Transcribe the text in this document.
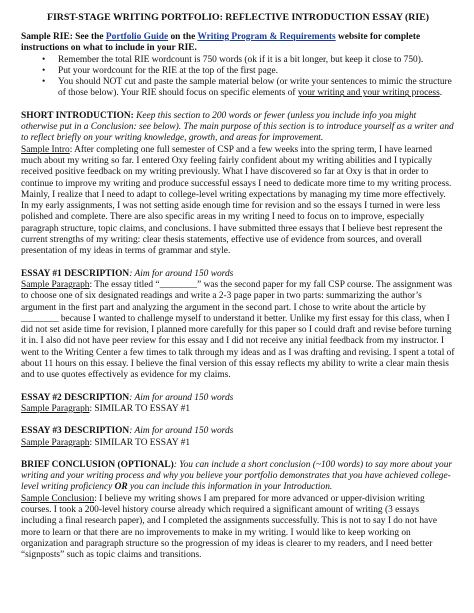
FIRST-STAGE WRITING PORTFOLIO: REFLECTIVE INTRODUCTION ESSAY (RIE)

Sample RIE: See the Portfolio Guide on the Writing Program & Requirements website for complete instructions on what to include in your RIE.

• Remember the total RIE wordcount is 750 words (ok if it is a bit longer, but keep it close to 750).
• Put your wordcount for the RIE at the top of the first page.
• You should NOT cut and paste the sample material below (or write your sentences to mimic the structure of those below). Your RIE should focus on specific elements of your writing and your writing process.

SHORT INTRODUCTION: Keep this section to 200 words or fewer (unless you include info you might otherwise put in a Conclusion: see below). The main purpose of this section is to introduce yourself as a writer and to reflect briefly on your writing knowledge, growth, and areas for improvement.

Sample Intro: After completing one full semester of CSP and a few weeks into the spring term, I have learned much about my writing so far. I entered Oxy feeling fairly confident about my writing abilities and I typically received positive feedback on my writing previously. What I have discovered so far at Oxy is that in order to continue to improve my writing and produce successful essays I need to dedicate more time to my writing process. Mainly, I realize that I need to adapt to college-level writing expectations by managing my time more effectively. In my early assignments, I was not setting aside enough time for revision and so the essays I turned in were less polished and complete. There are also specific areas in my writing I need to focus on to improve, especially paragraph structure, topic claims, and conclusions. I have submitted three essays that I believe best represent the current strengths of my writing: clear thesis statements, effective use of evidence from sources, and overall presentation of my ideas in terms of grammar and style.

ESSAY #1 DESCRIPTION: Aim for around 150 words

Sample Paragraph: The essay titled “________” was the second paper for my fall CSP course. The assignment was to choose one of six designated readings and write a 2-3 page paper in two parts: summarizing the author’s argument in the first part and analyzing the argument in the second part. I chose to write about the article by ________ because I wanted to challenge myself to understand it better. Unlike my first essay for this class, when I did not set aside time for revision, I planned more carefully for this paper so I could draft and revise before turning it in. I also did not have peer review for this essay and I did not receive any initial feedback from my instructor. I went to the Writing Center a few times to talk through my ideas and as I was drafting and revising. I spent a total of about 11 hours on this essay. I believe the final version of this essay reflects my ability to write a clear main thesis and to use quotes effectively as evidence for my claims.

ESSAY #2 DESCRIPTION: Aim for around 150 words

Sample Paragraph: SIMILAR TO ESSAY #1

ESSAY #3 DESCRIPTION: Aim for around 150 words

Sample Paragraph: SIMILAR TO ESSAY #1

BRIEF CONCLUSION (OPTIONAL): You can include a short conclusion (~100 words) to say more about your writing and your writing process and why you believe your portfolio demonstrates that you have achieved college-level writing proficiency OR you can include this information in your Introduction.

Sample Conclusion: I believe my writing shows I am prepared for more advanced or upper-division writing courses. I took a 200-level history course already which required a significant amount of writing (3 essays including a final research paper), and I completed the assignments successfully. This is not to say I do not have more to learn or that there are no improvements to make in my writing. I would like to keep working on organization and paragraph structure so the progression of my ideas is clearer to my readers, and I need better “signposts” such as topic claims and transitions.
